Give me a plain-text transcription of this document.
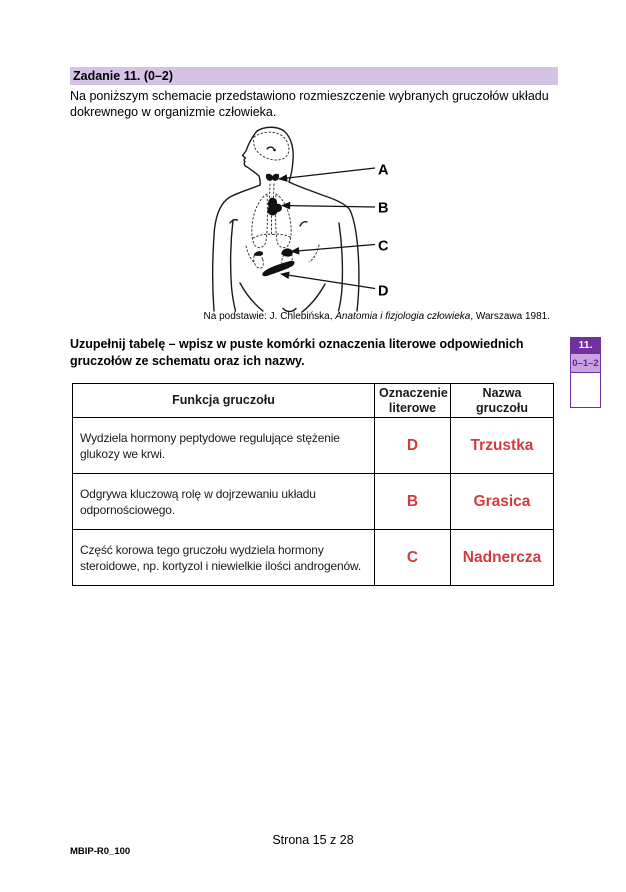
Zadanie 11. (0–2)
Na poniższym schemacie przedstawiono rozmieszczenie wybranych gruczołów układu
dokrewnego w organizmie człowieka.
A
B
C
D
Na podstawie: J. Chlebińska, Anatomia i fizjologia człowieka, Warszawa 1981.
Uzupełnij tabelę – wpisz w puste komórki oznaczenia literowe odpowiednich
gruczołów ze schematu oraz ich nazwy.
11.
0–1–2
Funkcja gruczołu	Oznaczenie literowe	Nazwa gruczołu

Wydziela hormony peptydowe regulujące stężenie
glukozy we krwi.	D	Trzustka

Odgrywa kluczową rolę w dojrzewaniu układu
odpornościowego.	B	Grasica

Część korowa tego gruczołu wydziela hormony
steroidowe, np. kortyzol i niewielkie ilości androgenów.	C	Nadnercza
Strona 15 z 28
MBIP-R0_100
